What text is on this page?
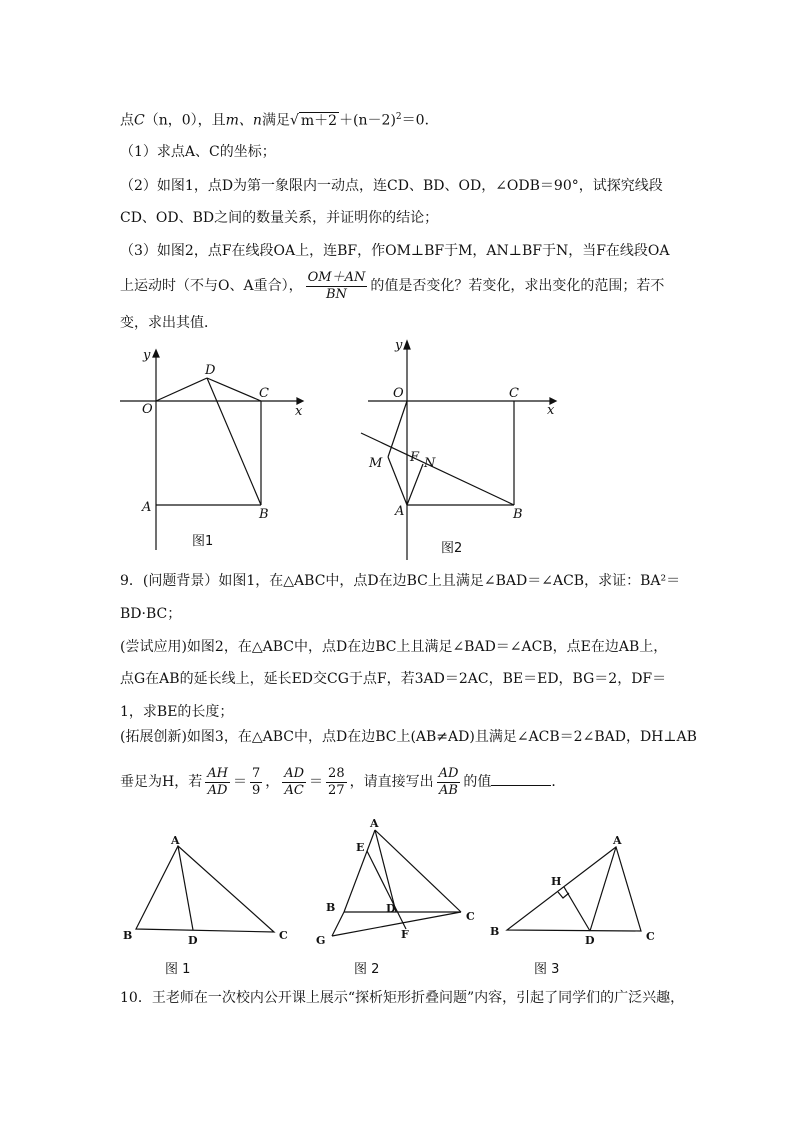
点C（n，0），且m、n满足√ $m+2 +(n-2)^2=0$．
（1）求点A、C的坐标；
（2）如图1，点D为第一象限内一动点，连CD、BD、OD，∠ODB＝90°，试探究线段
CD、OD、BD之间的数量关系，并证明你的结论；
（3）如图2，点F在线段OA上，连BF，作OM⊥BF于M，AN⊥BF于N，当F在线段OA
上运动时（不与O、A重合）， $\frac{OM+AN}{BN}$ 的值是否变化？若变化，求出变化的范围；若不
变，求出其值．
y
x
O
D
C
A	B
图1
y
x
O	C
M F N
A	B
图2
9．(问题背景）如图1，在△ABC中，点D在边BC上且满足∠BAD＝∠ACB，求证：BA²＝
BD·BC；
(尝试应用)如图2，在△ABC中，点D在边BC上且满足∠BAD＝∠ACB，点E在边AB上，
点G在AB的延长线上，延长ED交CG于点F，若3AD＝2AC，BE＝ED，BG＝2，DF＝
1，求BE的长度；
(拓展创新)如图3，在△ABC中，点D在边BC上(AB≠AD)且满足∠ACB＝2∠BAD，DH⊥AB
垂足为H，若 $\frac{AH}{AD} = \frac{7}{9}$ ， $\frac{AD}{AC} = \frac{28}{27}$ ，请直接写出 $\frac{AD}{AB}$ 的值	．
A
B	D	C
图 1
A
E
B	D
C
G	F
图 2
A
H
B
D	C
图 3
10．王老师在一次校内公开课上展示“探析矩形折叠问题”内容，引起了同学们的广泛兴趣，
